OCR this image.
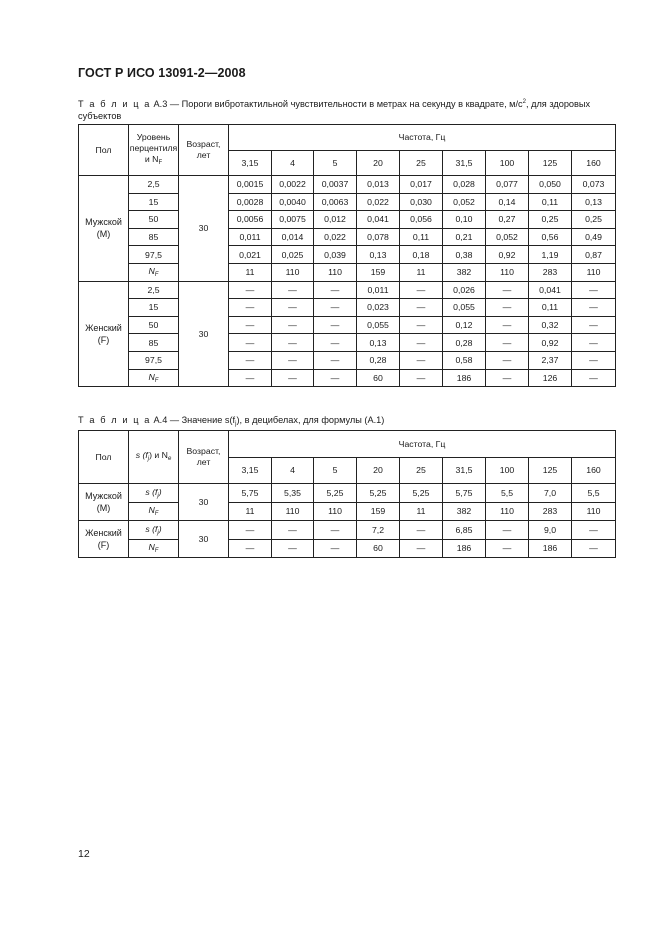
ГОСТ Р ИСО 13091-2—2008
Т а б л и ц а А.3 — Пороги вибротактильной чувствительности в метрах на секунду в квадрате, $м/с^2$, для здоровых
субъектов
Пол	Уровень
перцентиля
и $N_F$	Возраст,
лет	Частота, Гц								
			3,15	4	5	20	25	31,5	100	125	160
Мужской
(М)	2,5	30	0,0015	0,0022	0,0037	0,013	0,017	0,028	0,077	0,050	0,073
	15		0,0028	0,0040	0,0063	0,022	0,030	0,052	0,14	0,11	0,13
	50		0,0056	0,0075	0,012	0,041	0,056	0,10	0,27	0,25	0,25
	85		0,011	0,014	0,022	0,078	0,11	0,21	0,052	0,56	0,49
	97,5		0,021	0,025	0,039	0,13	0,18	0,38	0,92	1,19	0,87
	$N_F$		11	110	110	159	11	382	110	283	110
Женский
(F)	2,5	30	—	—	—	0,011	—	0,026	—	0,041	—
	15		—	—	—	0,023	—	0,055	—	0,11	—
	50		—	—	—	0,055	—	0,12	—	0,32	—
	85		—	—	—	0,13	—	0,28	—	0,92	—
	97,5		—	—	—	0,28	—	0,58	—	2,37	—
	$N_F$		—	—	—	60	—	186	—	126	—
Т а б л и ц а А.4 — Значение $s(f_j)$, в децибелах, для формулы (А.1)
Пол	s $(f_j)$ и $N_e$	Возраст,
лет	Частота, Гц								
			3,15	4	5	20	25	31,5	100	125	160
Мужской
(М)	s $(f_j)$	30	5,75	5,35	5,25	5,25	5,25	5,75	5,5	7,0	5,5
	$N_F$		11	110	110	159	11	382	110	283	110
Женский
(F)	s $(f_j)$	30	—	—	—	7,2	—	6,85	—	9,0	—
	$N_F$		—	—	—	60	—	186	—	186	—
12
